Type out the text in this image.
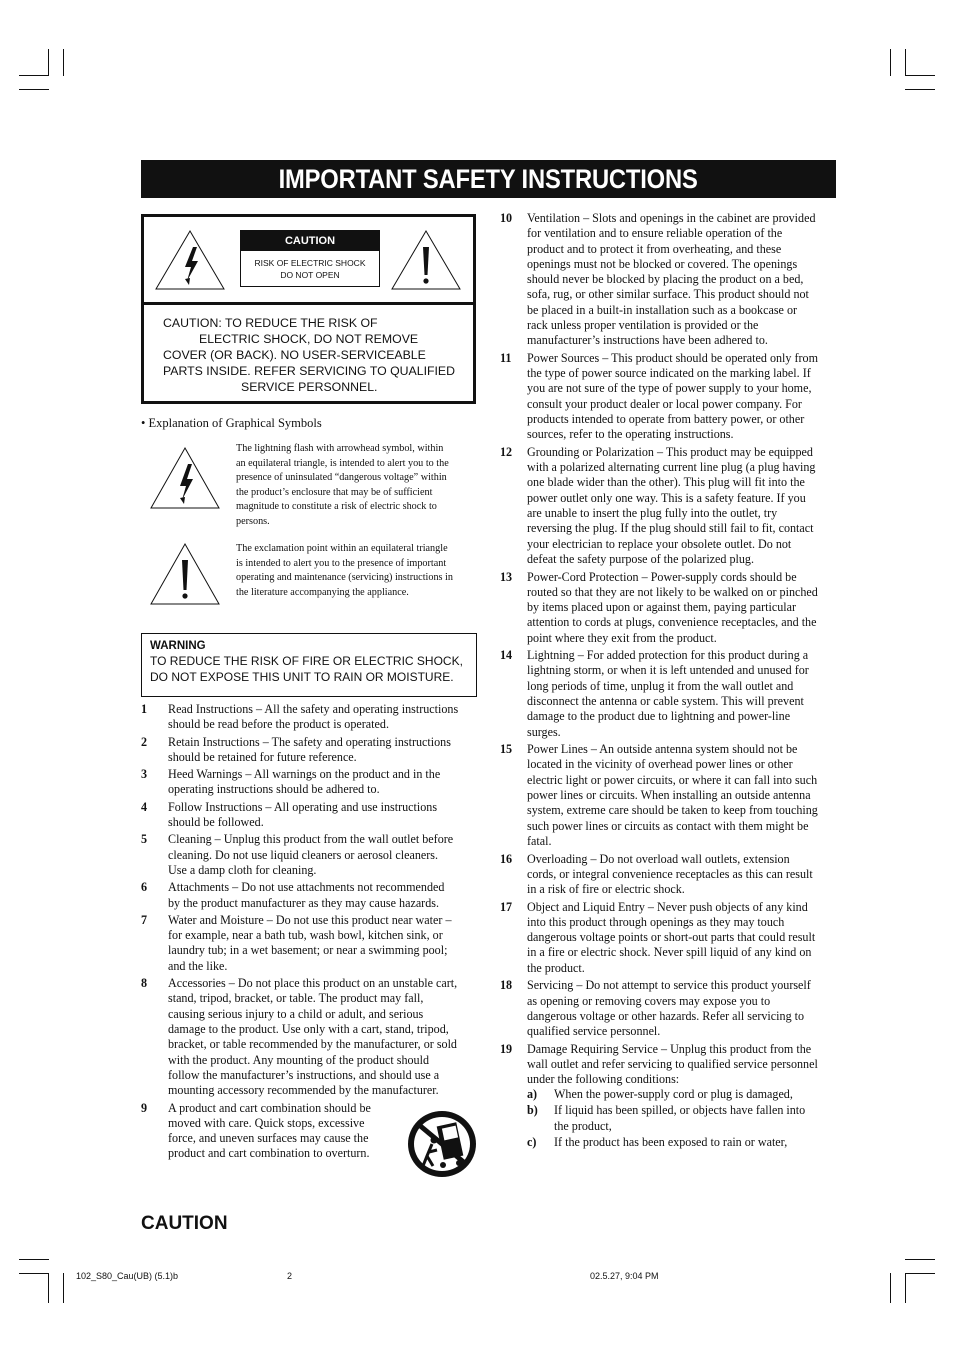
IMPORTANT SAFETY INSTRUCTIONS
CAUTION
RISK OF ELECTRIC SHOCK
DO NOT OPEN
CAUTION: TO REDUCE THE RISK OF
ELECTRIC SHOCK, DO NOT REMOVE
COVER (OR BACK). NO USER-SERVICEABLE
PARTS INSIDE. REFER SERVICING TO QUALIFIED
SERVICE PERSONNEL.
• Explanation of Graphical Symbols
The lightning flash with arrowhead symbol, within
an equilateral triangle, is intended to alert you to the
presence of uninsulated “dangerous voltage” within
the product’s enclosure that may be of sufficient
magnitude to constitute a risk of electric shock to
persons.
The exclamation point within an equilateral triangle
is intended to alert you to the presence of important
operating and maintenance (servicing) instructions in
the literature accompanying the appliance.
WARNING
TO REDUCE THE RISK OF FIRE OR ELECTRIC SHOCK,
DO NOT EXPOSE THIS UNIT TO RAIN OR MOISTURE.
1 Read Instructions – All the safety and operating instructions
should be read before the product is operated.
2 Retain Instructions – The safety and operating instructions
should be retained for future reference.
3 Heed Warnings – All warnings on the product and in the
operating instructions should be adhered to.
4 Follow Instructions – All operating and use instructions
should be followed.
5 Cleaning – Unplug this product from the wall outlet before
cleaning. Do not use liquid cleaners or aerosol cleaners.
Use a damp cloth for cleaning.
6 Attachments – Do not use attachments not recommended
by the product manufacturer as they may cause hazards.
7 Water and Moisture – Do not use this product near water –
for example, near a bath tub, wash bowl, kitchen sink, or
laundry tub; in a wet basement; or near a swimming pool;
and the like.
8 Accessories – Do not place this product on an unstable cart,
stand, tripod, bracket, or table. The product may fall,
causing serious injury to a child or adult, and serious
damage to the product. Use only with a cart, stand, tripod,
bracket, or table recommended by the manufacturer, or sold
with the product. Any mounting of the product should
follow the manufacturer’s instructions, and should use a
mounting accessory recommended by the manufacturer.
9 A product and cart combination should be
moved with care. Quick stops, excessive
force, and uneven surfaces may cause the
product and cart combination to overturn.
10 Ventilation – Slots and openings in the cabinet are provided
for ventilation and to ensure reliable operation of the
product and to protect it from overheating, and these
openings must not be blocked or covered. The openings
should never be blocked by placing the product on a bed,
sofa, rug, or other similar surface. This product should not
be placed in a built-in installation such as a bookcase or
rack unless proper ventilation is provided or the
manufacturer’s instructions have been adhered to.
11 Power Sources – This product should be operated only from
the type of power source indicated on the marking label. If
you are not sure of the type of power supply to your home,
consult your product dealer or local power company. For
products intended to operate from battery power, or other
sources, refer to the operating instructions.
12 Grounding or Polarization – This product may be equipped
with a polarized alternating current line plug (a plug having
one blade wider than the other). This plug will fit into the
power outlet only one way. This is a safety feature. If you
are unable to insert the plug fully into the outlet, try
reversing the plug. If the plug should still fail to fit, contact
your electrician to replace your obsolete outlet. Do not
defeat the safety purpose of the polarized plug.
13 Power-Cord Protection – Power-supply cords should be
routed so that they are not likely to be walked on or pinched
by items placed upon or against them, paying particular
attention to cords at plugs, convenience receptacles, and the
point where they exit from the product.
14 Lightning – For added protection for this product during a
lightning storm, or when it is left untended and unused for
long periods of time, unplug it from the wall outlet and
disconnect the antenna or cable system. This will prevent
damage to the product due to lightning and power-line
surges.
15 Power Lines – An outside antenna system should not be
located in the vicinity of overhead power lines or other
electric light or power circuits, or where it can fall into such
power lines or circuits. When installing an outside antenna
system, extreme care should be taken to keep from touching
such power lines or circuits as contact with them might be
fatal.
16 Overloading – Do not overload wall outlets, extension
cords, or integral convenience receptacles as this can result
in a risk of fire or electric shock.
17 Object and Liquid Entry – Never push objects of any kind
into this product through openings as they may touch
dangerous voltage points or short-out parts that could result
in a fire or electric shock. Never spill liquid of any kind on
the product.
18 Servicing – Do not attempt to service this product yourself
as opening or removing covers may expose you to
dangerous voltage or other hazards. Refer all servicing to
qualified service personnel.
19 Damage Requiring Service – Unplug this product from the
wall outlet and refer servicing to qualified service personnel
under the following conditions:
a) When the power-supply cord or plug is damaged,
b) If liquid has been spilled, or objects have fallen into
the product,
c) If the product has been exposed to rain or water,
CAUTION
102_S80_Cau(UB) (5.1)b	2	02.5.27, 9:04 PM
